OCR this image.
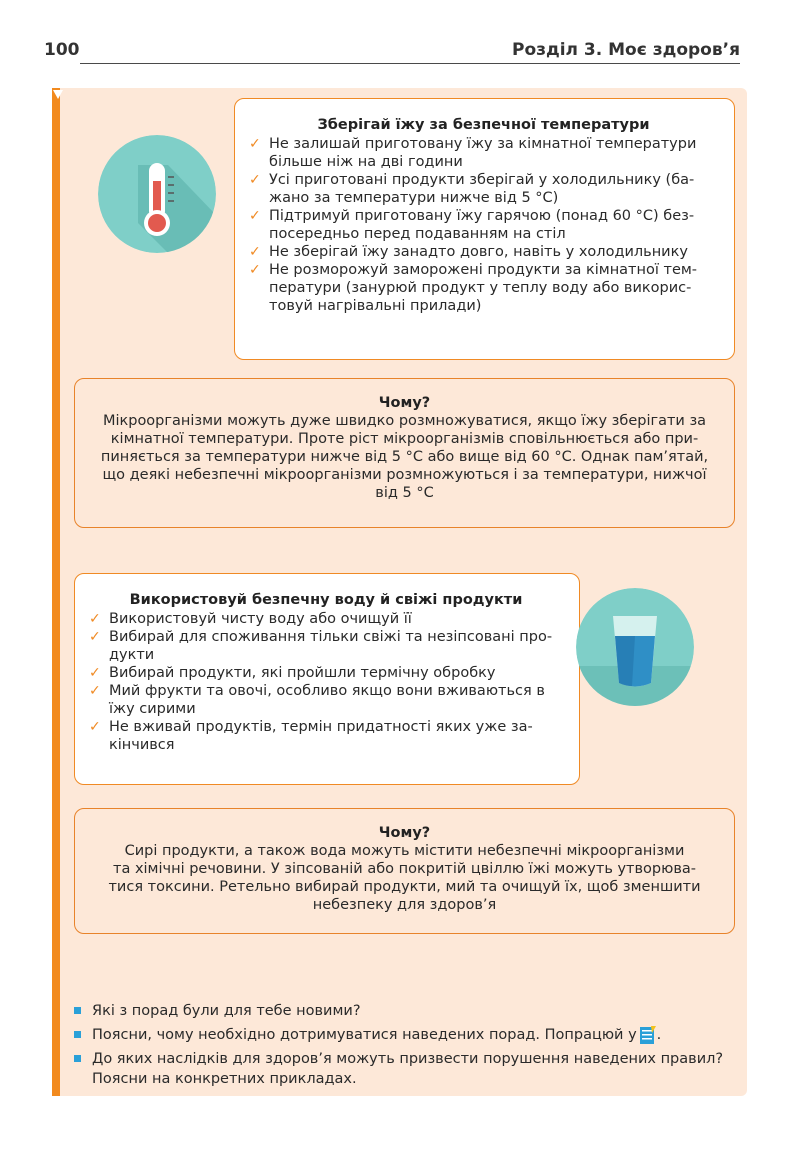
100	Розділ 3. Моє здоров’я
Зберігай їжу за безпечної температури
✓ Не залишай приготовану їжу за кімнатної температури
більше ніж на дві години
✓ Усі приготовані продукти зберігай у холодильнику (ба-
жано за температури нижче від 5 °С)
✓ Підтримуй приготовану їжу гарячою (понад 60 °С) без-
посередньо перед подаванням на стіл
✓ Не зберігай їжу занадто довго, навіть у холодильнику
✓ Не розморожуй заморожені продукти за кімнатної тем-
ператури (занурюй продукт у теплу воду або викорис-
товуй нагрівальні прилади)
Чому?
Мікроорганізми можуть дуже швидко розмножуватися, якщо їжу зберігати за
кімнатної температури. Проте ріст мікроорганізмів сповільнюється або при-
пиняється за температури нижче від 5 °С або вище від 60 °С. Однак пам’ятай,
що деякі небезпечні мікроорганізми розмножуються і за температури, нижчої
від 5 °С
Використовуй безпечну воду й свіжі продукти
✓ Використовуй чисту воду або очищуй її
✓ Вибирай для споживання тільки свіжі та незіпсовані про-
дукти
✓ Вибирай продукти, які пройшли термічну обробку
✓ Мий фрукти та овочі, особливо якщо вони вживаються в
їжу сирими
✓ Не вживай продуктів, термін придатності яких уже за-
кінчився
Чому?
Сирі продукти, а також вода можуть містити небезпечні мікроорганізми
та хімічні речовини. У зіпсованій або покритій цвіллю їжі можуть утворюва-
тися токсини. Ретельно вибирай продукти, мий та очищуй їх, щоб зменшити
небезпеку для здоров’я
Які з порад були для тебе новими?
Поясни, чому необхідно дотримуватися наведених порад. Попрацюй у .
До яких наслідків для здоров’я можуть призвести порушення наведених правил?
Поясни на конкретних прикладах.
